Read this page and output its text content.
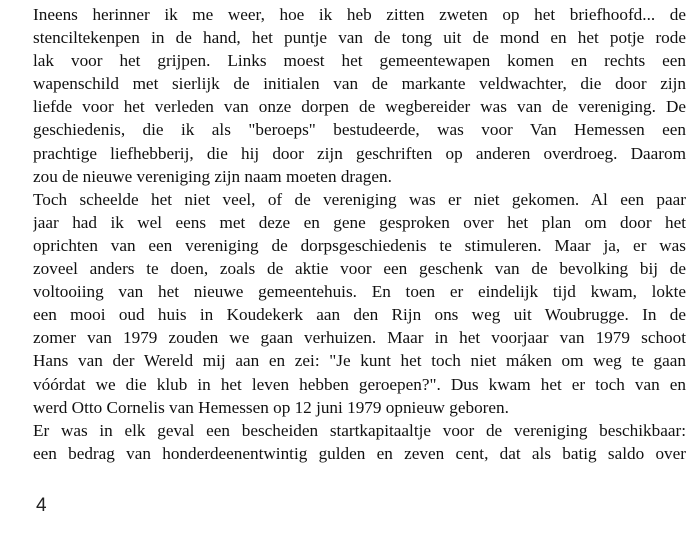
Ineens herinner ik me weer, hoe ik heb zitten zweten op het briefhoofd... de
stenciltekenpen in de hand, het puntje van de tong uit de mond en het potje rode
lak voor het grijpen. Links moest het gemeentewapen komen en rechts een
wapenschild met sierlijk de initialen van de markante veldwachter, die door zijn
liefde voor het verleden van onze dorpen de wegbereider was van de vereniging. De
geschiedenis, die ik als "beroeps" bestudeerde, was voor Van Hemessen een
prachtige liefhebberij, die hij door zijn geschriften op anderen overdroeg. Daarom
zou de nieuwe vereniging zijn naam moeten dragen.
Toch scheelde het niet veel, of de vereniging was er niet gekomen. Al een paar
jaar had ik wel eens met deze en gene gesproken over het plan om door het
oprichten van een vereniging de dorpsgeschiedenis te stimuleren. Maar ja, er was
zoveel anders te doen, zoals de aktie voor een geschenk van de bevolking bij de
voltooiing van het nieuwe gemeentehuis. En toen er eindelijk tijd kwam, lokte
een mooi oud huis in Koudekerk aan den Rijn ons weg uit Woubrugge. In de
zomer van 1979 zouden we gaan verhuizen. Maar in het voorjaar van 1979 schoot
Hans van der Wereld mij aan en zei: "Je kunt het toch niet máken om weg te gaan
vóórdat we die klub in het leven hebben geroepen?". Dus kwam het er toch van en
werd Otto Cornelis van Hemessen op 12 juni 1979 opnieuw geboren.
Er was in elk geval een bescheiden startkapitaaltje voor de vereniging beschikbaar:
een bedrag van honderdeenentwintig gulden en zeven cent, dat als batig saldo over
4
